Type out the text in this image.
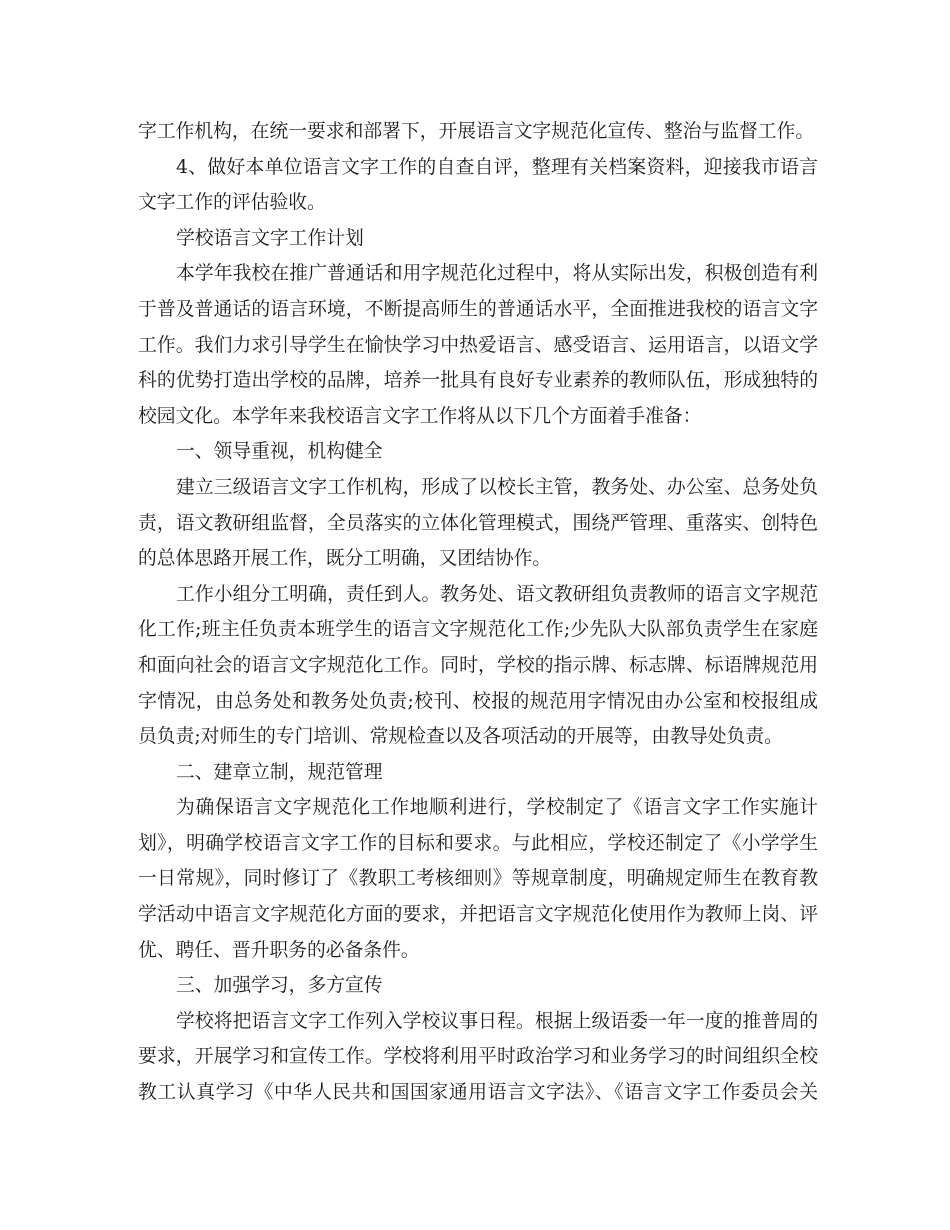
字工作机构，在统一要求和部署下，开展语言文字规范化宣传、整治与监督工作。
4、做好本单位语言文字工作的自查自评，整理有关档案资料，迎接我市语言
文字工作的评估验收。
学校语言文字工作计划
本学年我校在推广普通话和用字规范化过程中，将从实际出发，积极创造有利
于普及普通话的语言环境，不断提高师生的普通话水平，全面推进我校的语言文字
工作。我们力求引导学生在愉快学习中热爱语言、感受语言、运用语言，以语文学
科的优势打造出学校的品牌，培养一批具有良好专业素养的教师队伍，形成独特的
校园文化。本学年来我校语言文字工作将从以下几个方面着手准备：
一、领导重视，机构健全
建立三级语言文字工作机构，形成了以校长主管，教务处、办公室、总务处负
责，语文教研组监督，全员落实的立体化管理模式，围绕严管理、重落实、创特色
的总体思路开展工作，既分工明确，又团结协作。
工作小组分工明确，责任到人。教务处、语文教研组负责教师的语言文字规范
化工作;班主任负责本班学生的语言文字规范化工作;少先队大队部负责学生在家庭
和面向社会的语言文字规范化工作。同时，学校的指示牌、标志牌、标语牌规范用
字情况，由总务处和教务处负责;校刊、校报的规范用字情况由办公室和校报组成
员负责;对师生的专门培训、常规检查以及各项活动的开展等，由教导处负责。
二、建章立制，规范管理
为确保语言文字规范化工作地顺利进行，学校制定了《语言文字工作实施计
划》，明确学校语言文字工作的目标和要求。与此相应，学校还制定了《小学学生
一日常规》，同时修订了《教职工考核细则》等规章制度，明确规定师生在教育教
学活动中语言文字规范化方面的要求，并把语言文字规范化使用作为教师上岗、评
优、聘任、晋升职务的必备条件。
三、加强学习，多方宣传
学校将把语言文字工作列入学校议事日程。根据上级语委一年一度的推普周的
要求，开展学习和宣传工作。学校将利用平时政治学习和业务学习的时间组织全校
教工认真学习《中华人民共和国国家通用语言文字法》、《语言文字工作委员会关
